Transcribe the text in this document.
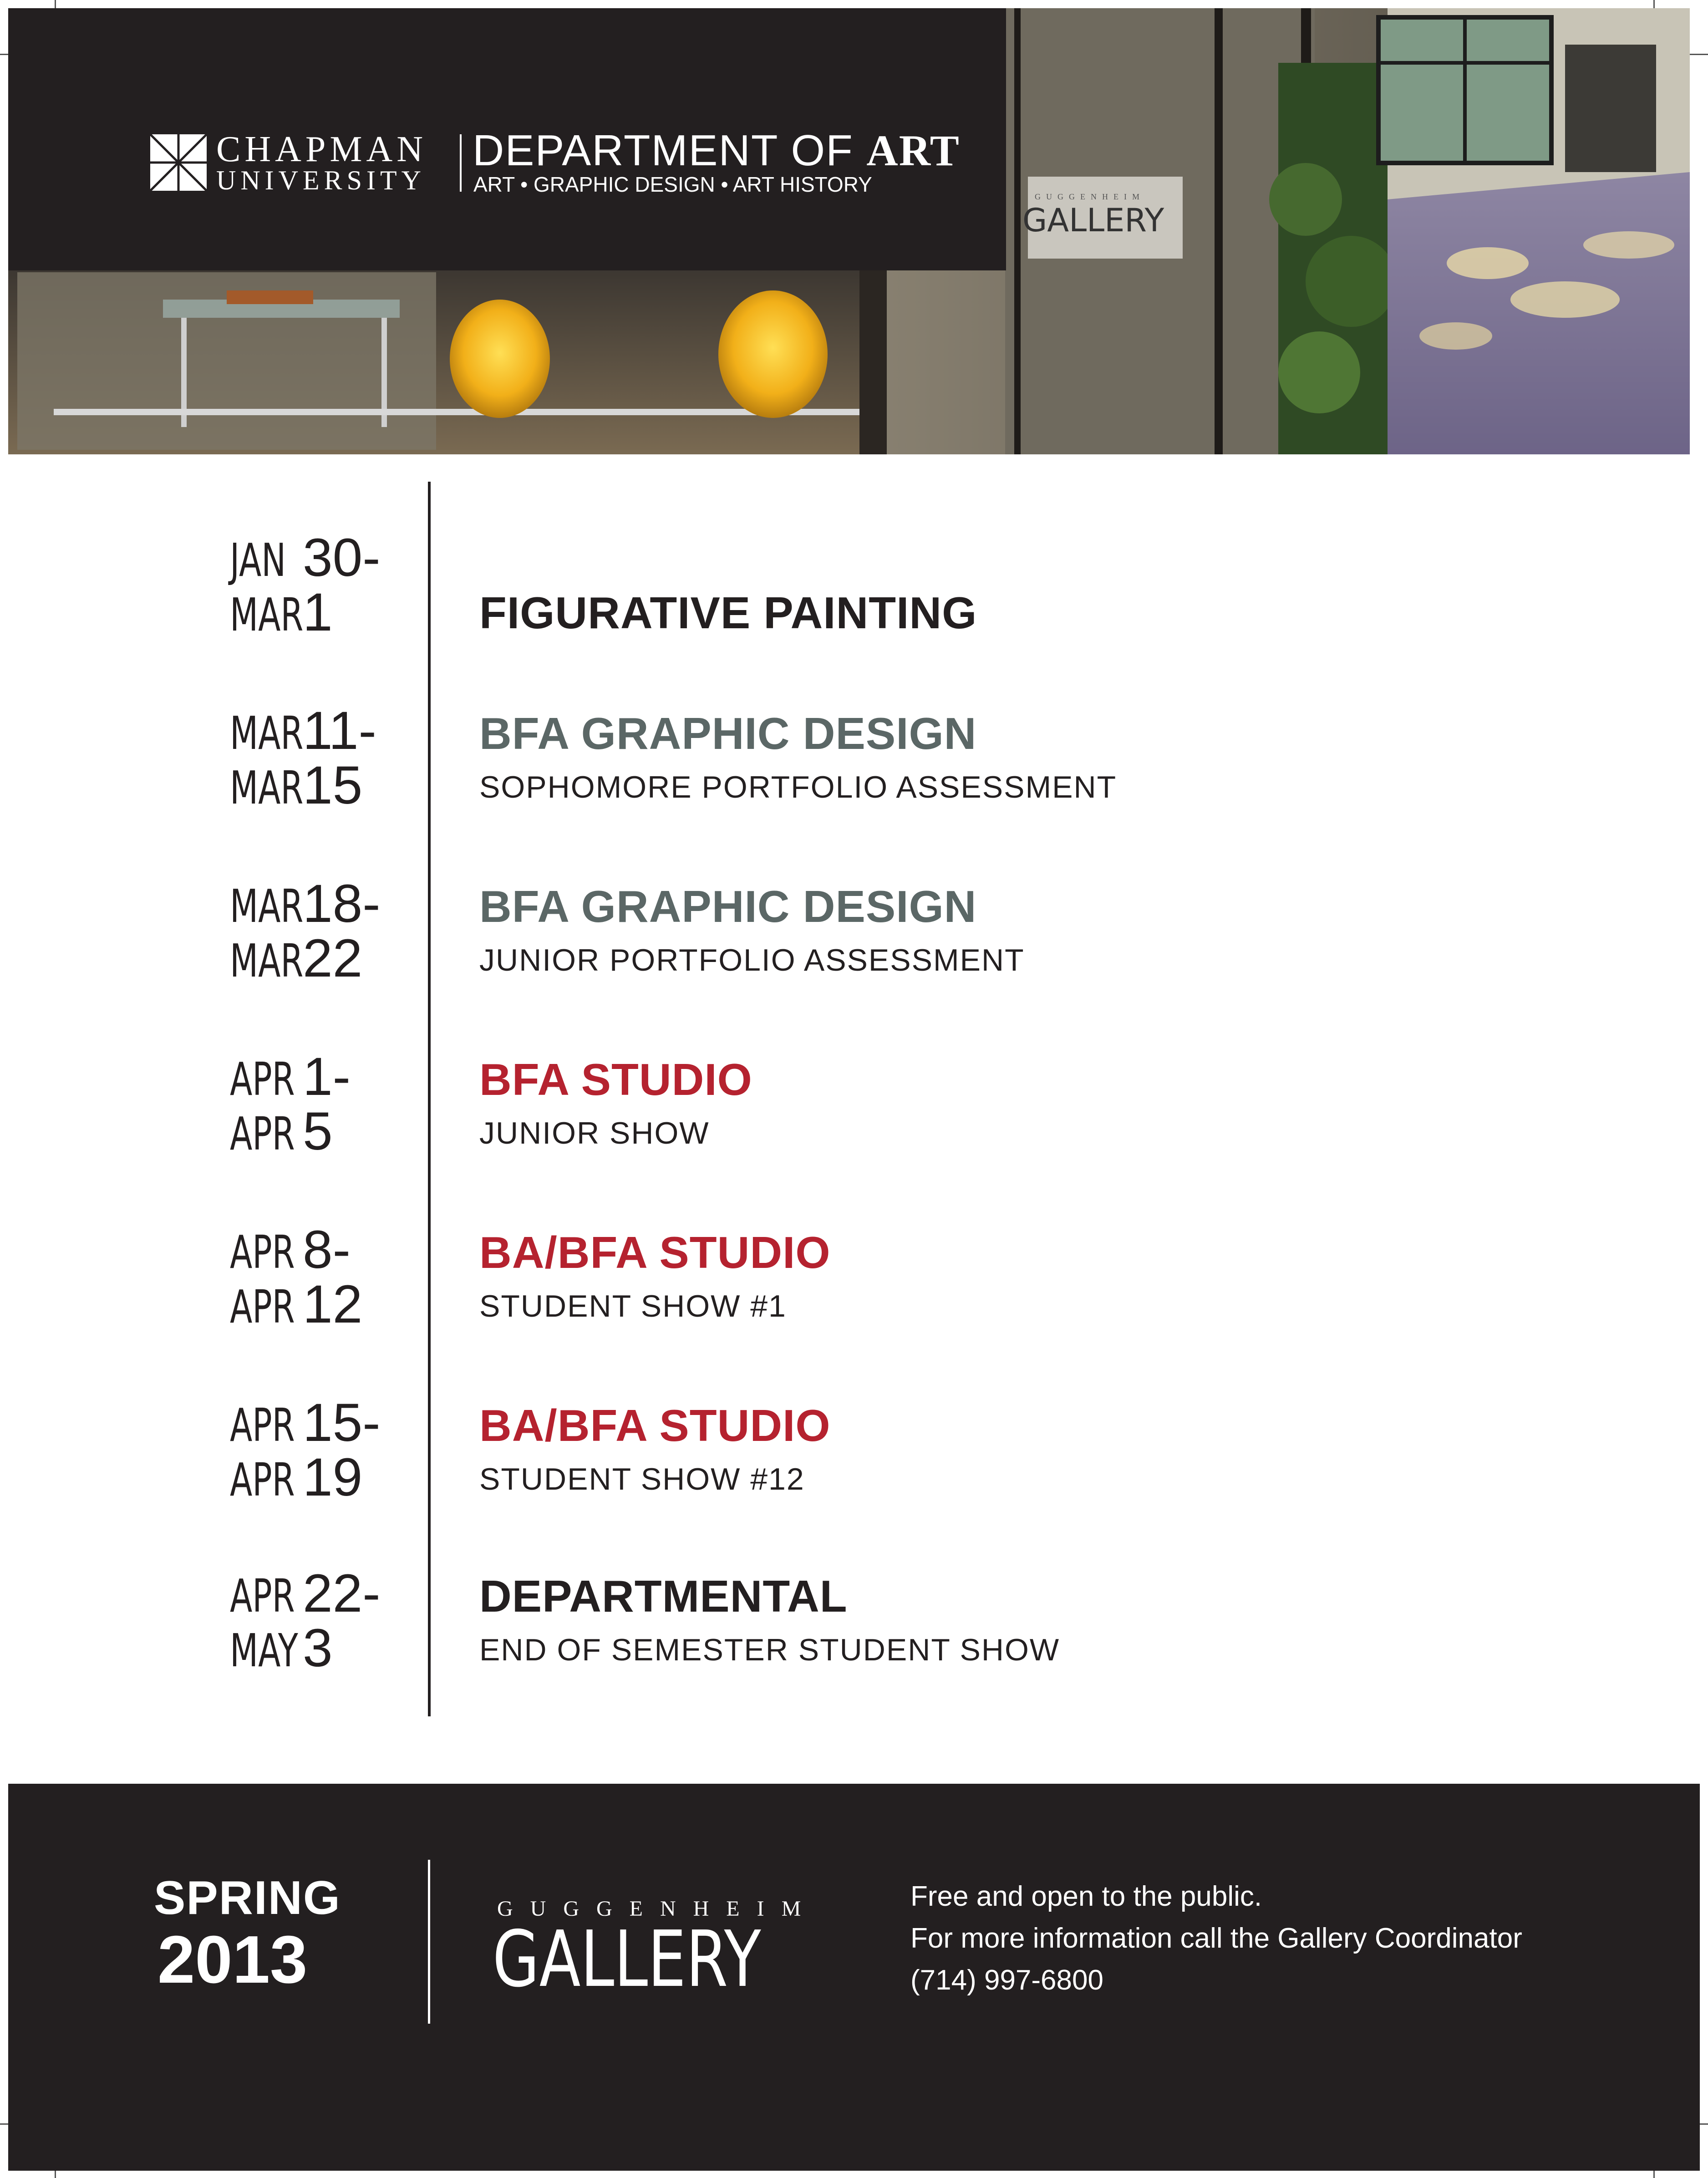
GUGGENHEIM
GALLERY
CHAPMAN
UNIVERSITY
DEPARTMENT OF ART
ART • GRAPHIC DESIGN • ART HISTORY
JAN 30-
MAR1	FIGURATIVE PAINTING
MAR11-
MAR15
BFA GRAPHIC DESIGN
SOPHOMORE PORTFOLIO ASSESSMENT
MAR18-
MAR22
BFA GRAPHIC DESIGN
JUNIOR PORTFOLIO ASSESSMENT
APR 1-
APR 5
BFA STUDIO
JUNIOR SHOW
APR 8-
APR 12
BA/BFA STUDIO
STUDENT SHOW #1
APR 15-
APR 19
BA/BFA STUDIO
STUDENT SHOW #12
APR 22-
MAY3
DEPARTMENTAL
END OF SEMESTER STUDENT SHOW
SPRING
2013
GUGGENHEIM
GALLERY
Free and open to the public.
For more information call the Gallery Coordinator
(714) 997-6800
